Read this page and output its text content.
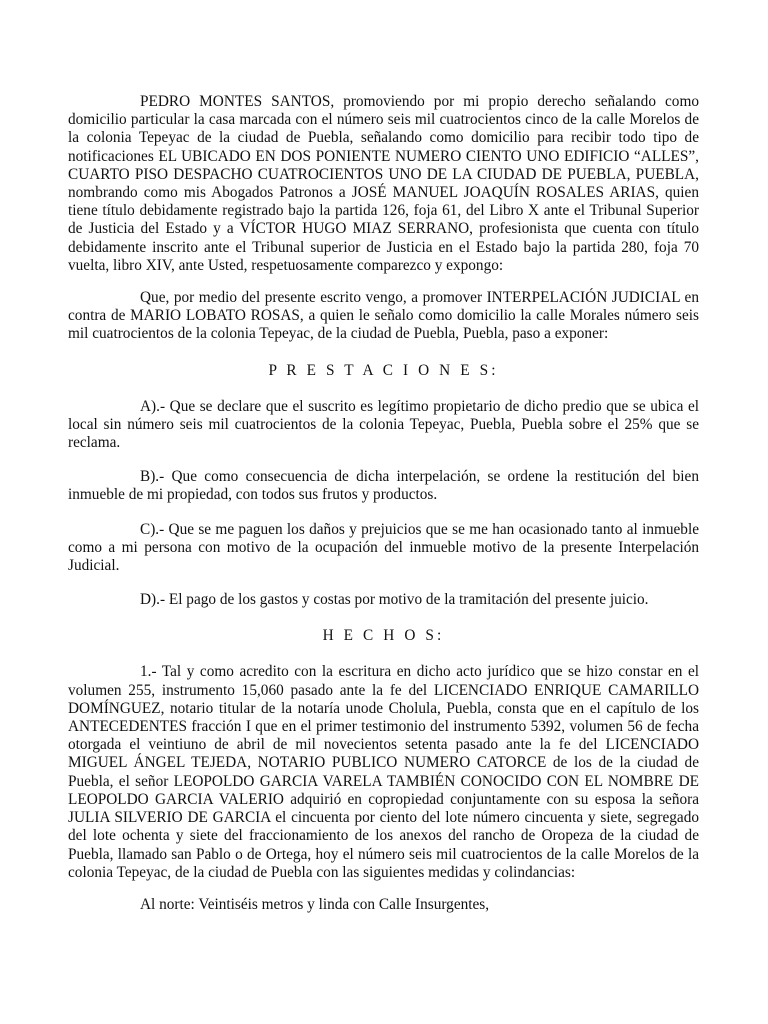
PEDRO MONTES SANTOS, promoviendo por mi propio derecho señalando como domicilio particular la casa marcada con el número seis mil cuatrocientos cinco de la calle Morelos de la colonia Tepeyac de la ciudad de Puebla, señalando como domicilio para recibir todo tipo de notificaciones EL UBICADO EN DOS PONIENTE NUMERO CIENTO UNO EDIFICIO “ALLES”, CUARTO PISO DESPACHO CUATROCIENTOS UNO DE LA CIUDAD DE PUEBLA, PUEBLA, nombrando como mis Abogados Patronos a JOSÉ MANUEL JOAQUÍN ROSALES ARIAS, quien tiene título debidamente registrado bajo la partida 126, foja 61, del Libro X ante el Tribunal Superior de Justicia del Estado y a VÍCTOR HUGO MIAZ SERRANO, profesionista que cuenta con título debidamente inscrito ante el Tribunal superior de Justicia en el Estado bajo la partida 280, foja 70 vuelta, libro XIV, ante Usted, respetuosamente comparezco y expongo:

Que, por medio del presente escrito vengo, a promover INTERPELACIÓN JUDICIAL en contra de MARIO LOBATO ROSAS, a quien le señalo como domicilio la calle Morales número seis mil cuatrocientos de la colonia Tepeyac, de la ciudad de Puebla, Puebla, paso a exponer:

P R E S T A C I O N E S:

A).- Que se declare que el suscrito es legítimo propietario de dicho predio que se ubica el local sin número seis mil cuatrocientos de la colonia Tepeyac, Puebla, Puebla sobre el 25% que se reclama.

B).- Que como consecuencia de dicha interpelación, se ordene la restitución del bien inmueble de mi propiedad, con todos sus frutos y productos.

C).- Que se me paguen los daños y prejuicios que se me han ocasionado tanto al inmueble como a mi persona con motivo de la ocupación del inmueble motivo de la presente Interpelación Judicial.

D).- El pago de los gastos y costas por motivo de la tramitación del presente juicio.

H E C H O S:

1.- Tal y como acredito con la escritura en dicho acto jurídico que se hizo constar en el volumen 255, instrumento 15,060 pasado ante la fe del LICENCIADO ENRIQUE CAMARILLO DOMÍNGUEZ, notario titular de la notaría unode Cholula, Puebla, consta que en el capítulo de los ANTECEDENTES fracción I que en el primer testimonio del instrumento 5392, volumen 56 de fecha otorgada el veintiuno de abril de mil novecientos setenta pasado ante la fe del LICENCIADO MIGUEL ÁNGEL TEJEDA, NOTARIO PUBLICO NUMERO CATORCE de los de la ciudad de Puebla, el señor LEOPOLDO GARCIA VARELA TAMBIÉN CONOCIDO CON EL NOMBRE DE LEOPOLDO GARCIA VALERIO adquirió en copropiedad conjuntamente con su esposa la señora JULIA SILVERIO DE GARCIA el cincuenta por ciento del lote número cincuenta y siete, segregado del lote ochenta y siete del fraccionamiento de los anexos del rancho de Oropeza de la ciudad de Puebla, llamado san Pablo o de Ortega, hoy el número seis mil cuatrocientos de la calle Morelos de la colonia Tepeyac, de la ciudad de Puebla con las siguientes medidas y colindancias:

Al norte: Veintiséis metros y linda con Calle Insurgentes,
